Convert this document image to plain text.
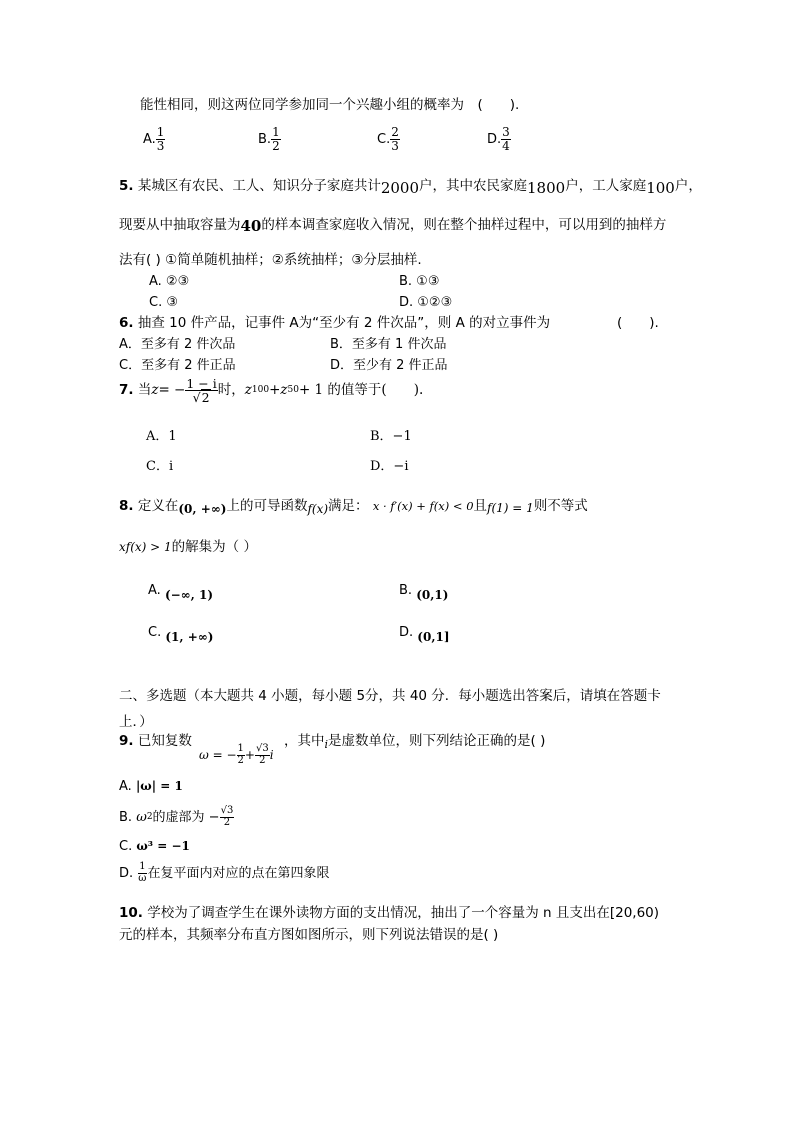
能性相同，则这两位同学参加同一个兴趣小组的概率为　(　　).
A. $\frac{1}{3}$	B. $\frac{1}{2}$	C. $\frac{2}{3}$	D. $\frac{3}{4}$
5. 某城区有农民、工人、知识分子家庭共计2000户，其中农民家庭1800户，工人家庭100户，
现要从中抽取容量为40的样本调查家庭收入情况，则在整个抽样过程中，可以用到的抽样方
法有( ) ①简单随机抽样；②系统抽样；③分层抽样.
A. ②③	B. ①③
C. ③	D. ①②③
6. 抽查 10 件产品，记事件 A为“至少有 2 件次品”，则 A 的对立事件为	(　　).
A．至多有 2 件次品	B．至多有 1 件次品
C．至多有 2 件正品	D．至少有 2 件正品
7.
当 z = − $\frac{1 - i}{√2}$ 时， z 100 + z 50 + 1 的值等于(　　).
A．1	B．−1
C．i	D．−i
8. 定义在(0, +∞)上的可导函数f(x)满足： x · f′(x) + f(x) < 0且f(1) = 1则不等式
xf(x) > 1的解集为（ ）
A. (−∞, 1)	B. (0,1)
C. (1, +∞)	D. (0,1]
二、多选题（本大题共 4 小题，每小题 5分，共 40 分．每小题选出答案后，请填在答题卡
上．）
9. 已知复数
ω = − $\frac{1}{2} + \frac{√3}{2}$ i
，其中$_i$是虚数单位，则下列结论正确的是( )
A. |ω| = 1
B.
ω 2 的虚部为 − $\frac{√3}{2}$
C. ω³ = −1
D.
$\frac{1}{\omega}$ 在复平面内对应的点在第四象限
10. 学校为了调查学生在课外读物方面的支出情况，抽出了一个容量为 n 且支出在[20,60)
元的样本，其频率分布直方图如图所示，则下列说法错误的是( )
